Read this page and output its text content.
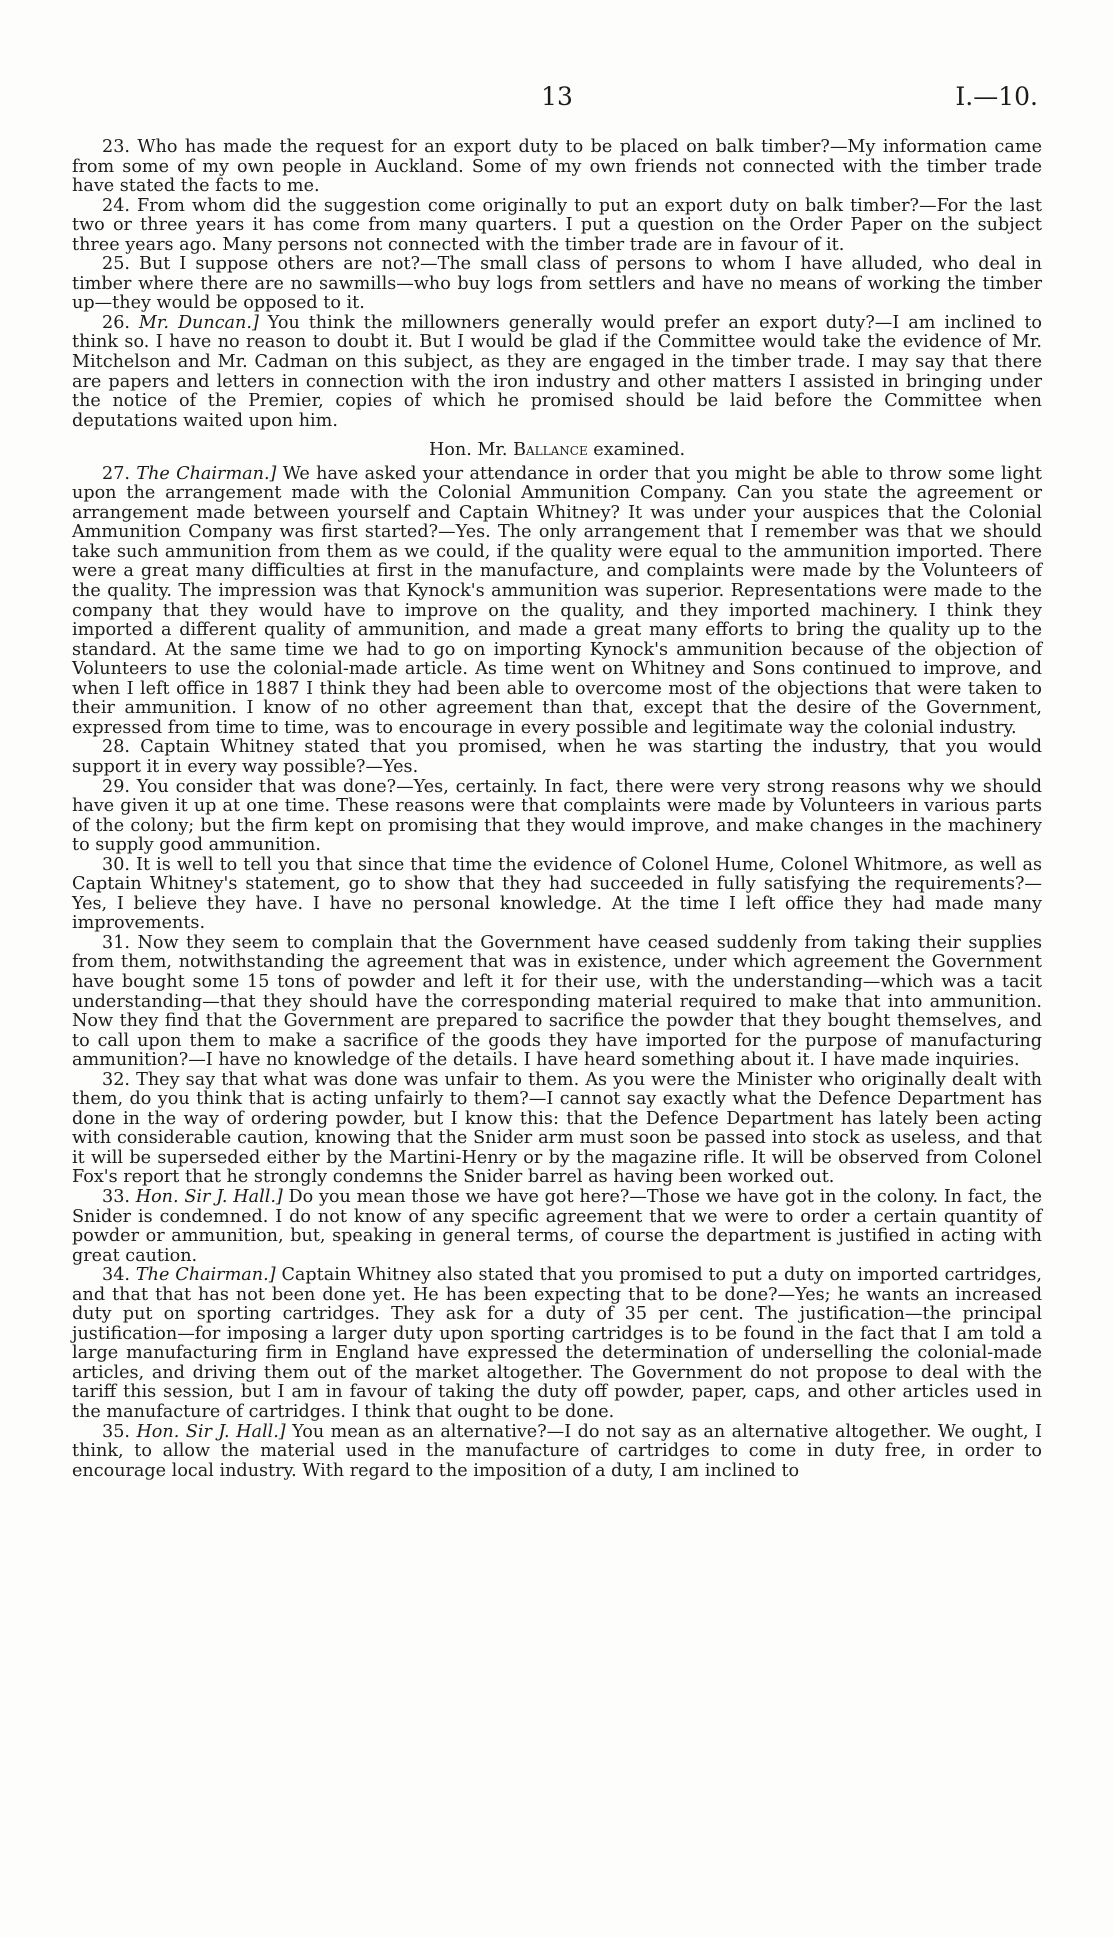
13	I.—10.

23. Who has made the request for an export duty to be placed on balk timber?—My information came from some of my own people in Auckland. Some of my own friends not connected with the timber trade have stated the facts to me.

24. From whom did the suggestion come originally to put an export duty on balk timber?—For the last two or three years it has come from many quarters. I put a question on the Order Paper on the subject three years ago. Many persons not connected with the timber trade are in favour of it.

25. But I suppose others are not?—The small class of persons to whom I have alluded, who deal in timber where there are no sawmills—who buy logs from settlers and have no means of working the timber up—they would be opposed to it.

26. Mr. Duncan.] You think the millowners generally would prefer an export duty?—I am inclined to think so. I have no reason to doubt it. But I would be glad if the Committee would take the evidence of Mr. Mitchelson and Mr. Cadman on this subject, as they are engaged in the timber trade. I may say that there are papers and letters in connection with the iron industry and other matters I assisted in bringing under the notice of the Premier, copies of which he promised should be laid before the Committee when deputations waited upon him.

Hon. Mr. Ballance examined.

27. The Chairman.] We have asked your attendance in order that you might be able to throw some light upon the arrangement made with the Colonial Ammunition Company. Can you state the agreement or arrangement made between yourself and Captain Whitney? It was under your auspices that the Colonial Ammunition Company was first started?—Yes. The only arrangement that I remember was that we should take such ammunition from them as we could, if the quality were equal to the ammunition imported. There were a great many difficulties at first in the manufacture, and complaints were made by the Volunteers of the quality. The impression was that Kynock's ammunition was superior. Representations were made to the company that they would have to improve on the quality, and they imported machinery. I think they imported a different quality of ammunition, and made a great many efforts to bring the quality up to the standard. At the same time we had to go on importing Kynock's ammunition because of the objection of Volunteers to use the colonial-made article. As time went on Whitney and Sons continued to improve, and when I left office in 1887 I think they had been able to overcome most of the objections that were taken to their ammunition. I know of no other agreement than that, except that the desire of the Government, expressed from time to time, was to encourage in every possible and legitimate way the colonial industry.

28. Captain Whitney stated that you promised, when he was starting the industry, that you would support it in every way possible?—Yes.

29. You consider that was done?—Yes, certainly. In fact, there were very strong reasons why we should have given it up at one time. These reasons were that complaints were made by Volunteers in various parts of the colony; but the firm kept on promising that they would improve, and make changes in the machinery to supply good ammunition.

30. It is well to tell you that since that time the evidence of Colonel Hume, Colonel Whitmore, as well as Captain Whitney's statement, go to show that they had succeeded in fully satisfying the requirements?—Yes, I believe they have. I have no personal knowledge. At the time I left office they had made many improvements.

31. Now they seem to complain that the Government have ceased suddenly from taking their supplies from them, notwithstanding the agreement that was in existence, under which agreement the Government have bought some 15 tons of powder and left it for their use, with the understanding—which was a tacit understanding—that they should have the corresponding material required to make that into ammunition. Now they find that the Government are prepared to sacrifice the powder that they bought themselves, and to call upon them to make a sacrifice of the goods they have imported for the purpose of manufacturing ammunition?—I have no knowledge of the details. I have heard something about it. I have made inquiries.

32. They say that what was done was unfair to them. As you were the Minister who originally dealt with them, do you think that is acting unfairly to them?—I cannot say exactly what the Defence Department has done in the way of ordering powder, but I know this: that the Defence Department has lately been acting with considerable caution, knowing that the Snider arm must soon be passed into stock as useless, and that it will be superseded either by the Martini-Henry or by the magazine rifle. It will be observed from Colonel Fox's report that he strongly condemns the Snider barrel as having been worked out.

33. Hon. Sir J. Hall.] Do you mean those we have got here?—Those we have got in the colony. In fact, the Snider is condemned. I do not know of any specific agreement that we were to order a certain quantity of powder or ammunition, but, speaking in general terms, of course the department is justified in acting with great caution.

34. The Chairman.] Captain Whitney also stated that you promised to put a duty on imported cartridges, and that that has not been done yet. He has been expecting that to be done?—Yes; he wants an increased duty put on sporting cartridges. They ask for a duty of 35 per cent. The justification—the principal justification—for imposing a larger duty upon sporting cartridges is to be found in the fact that I am told a large manufacturing firm in England have expressed the determination of underselling the colonial-made articles, and driving them out of the market altogether. The Government do not propose to deal with the tariff this session, but I am in favour of taking the duty off powder, paper, caps, and other articles used in the manufacture of cartridges. I think that ought to be done.

35. Hon. Sir J. Hall.] You mean as an alternative?—I do not say as an alternative altogether. We ought, I think, to allow the material used in the manufacture of cartridges to come in duty free, in order to encourage local industry. With regard to the imposition of a duty, I am inclined to
